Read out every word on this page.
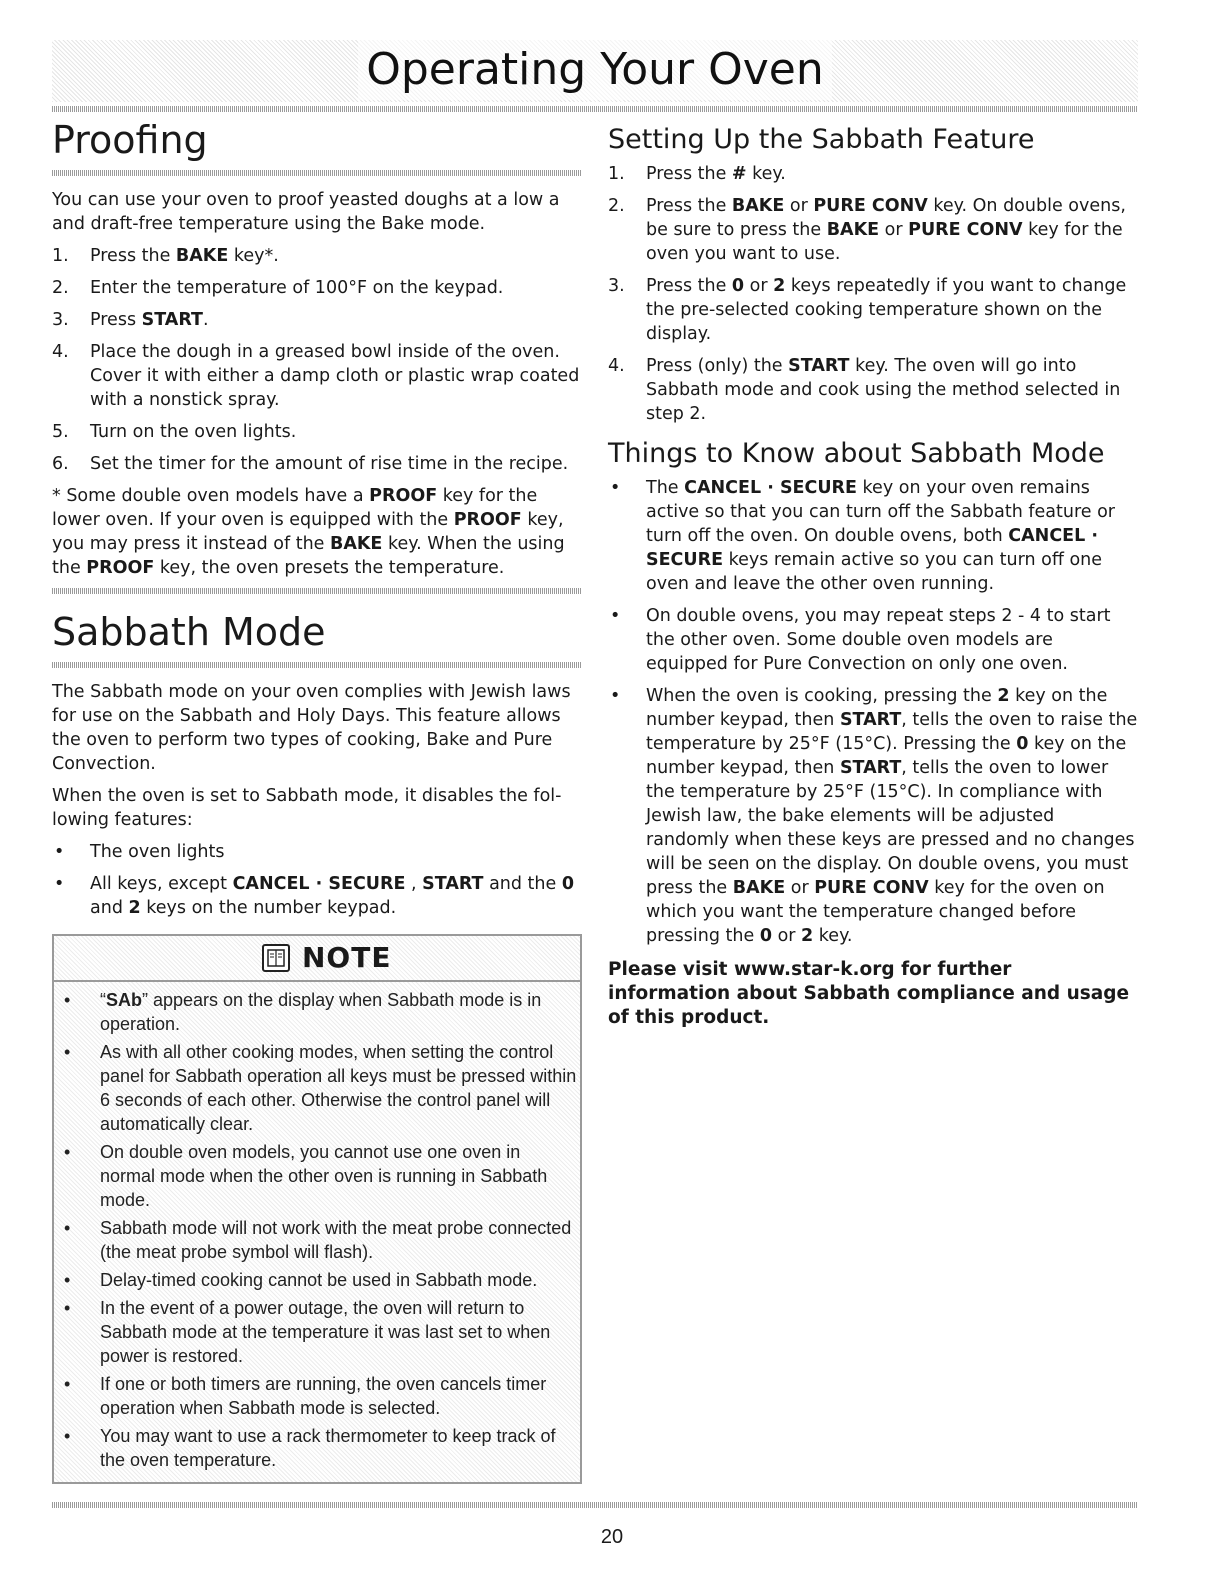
Operating Your Oven
Proofing

You can use your oven to proof yeasted doughs at a low a and draft-free temperature using the Bake mode.

1.	Press the BAKE key*.
2.	Enter the temperature of 100°F on the keypad.
3.	Press START.
4.	Place the dough in a greased bowl inside of the oven. Cover it with either a damp cloth or plastic wrap coated with a nonstick spray.
5.	Turn on the oven lights.
6.	Set the timer for the amount of rise time in the recipe.

* Some double oven models have a PROOF key for the lower oven. If your oven is equipped with the PROOF key, you may press it instead of the BAKE key. When the using the PROOF key, the oven presets the temperature.

Sabbath Mode

The Sabbath mode on your oven complies with Jewish laws for use on the Sabbath and Holy Days. This feature allows the oven to perform two types of cooking, Bake and Pure Convection.

When the oven is set to Sabbath mode, it disables the fol-lowing features:

•	The oven lights
•	All keys, except CANCEL · SECURE , START and the 0 and 2 keys on the number keypad.
NOTE
•	“SAb” appears on the display when Sabbath mode is in operation.
•	As with all other cooking modes, when setting the control panel for Sabbath operation all keys must be pressed within 6 seconds of each other. Otherwise the control panel will automatically clear.
•	On double oven models, you cannot use one oven in normal mode when the other oven is running in Sabbath mode.
•	Sabbath mode will not work with the meat probe connected (the meat probe symbol will flash).
•	Delay-timed cooking cannot be used in Sabbath mode.
•	In the event of a power outage, the oven will return to Sabbath mode at the temperature it was last set to when power is restored.
•	If one or both timers are running, the oven cancels timer operation when Sabbath mode is selected.
•	You may want to use a rack thermometer to keep track of the oven temperature.
Setting Up the Sabbath Feature
1.	Press the # key.
2.	Press the BAKE or PURE CONV key. On double ovens, be sure to press the BAKE or PURE CONV key for the oven you want to use.
3.	Press the 0 or 2 keys repeatedly if you want to change the pre-selected cooking temperature shown on the display.
4.	Press (only) the START key. The oven will go into Sabbath mode and cook using the method selected in step 2.
Things to Know about Sabbath Mode
•	The CANCEL · SECURE key on your oven remains active so that you can turn off the Sabbath feature or turn off the oven. On double ovens, both CANCEL · SECURE keys remain active so you can turn off one oven and leave the other oven running.
•	On double ovens, you may repeat steps 2 - 4 to start the other oven. Some double oven models are equipped for Pure Convection on only one oven.
•	When the oven is cooking, pressing the 2 key on the number keypad, then START, tells the oven to raise the temperature by 25°F (15°C). Pressing the 0 key on the number keypad, then START, tells the oven to lower the temperature by 25°F (15°C). In compliance with Jewish law, the bake elements will be adjusted randomly when these keys are pressed and no changes will be seen on the display. On double ovens, you must press the BAKE or PURE CONV key for the oven on which you want the temperature changed before pressing the 0 or 2 key.

Please visit www.star-k.org for further information about Sabbath compliance and usage of this product.

20
